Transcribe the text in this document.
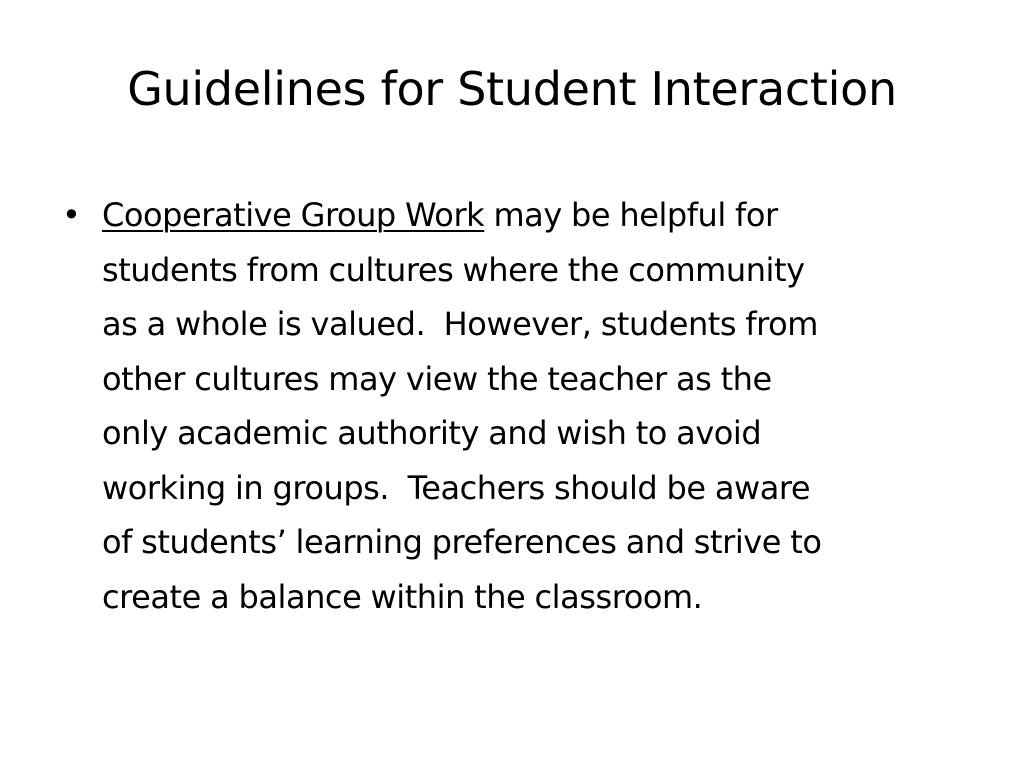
Guidelines for Student Interaction
• Cooperative Group Work may be helpful for
students from cultures where the community
as a whole is valued.  However, students from
other cultures may view the teacher as the
only academic authority and wish to avoid
working in groups.  Teachers should be aware
of students’ learning preferences and strive to
create a balance within the classroom.
